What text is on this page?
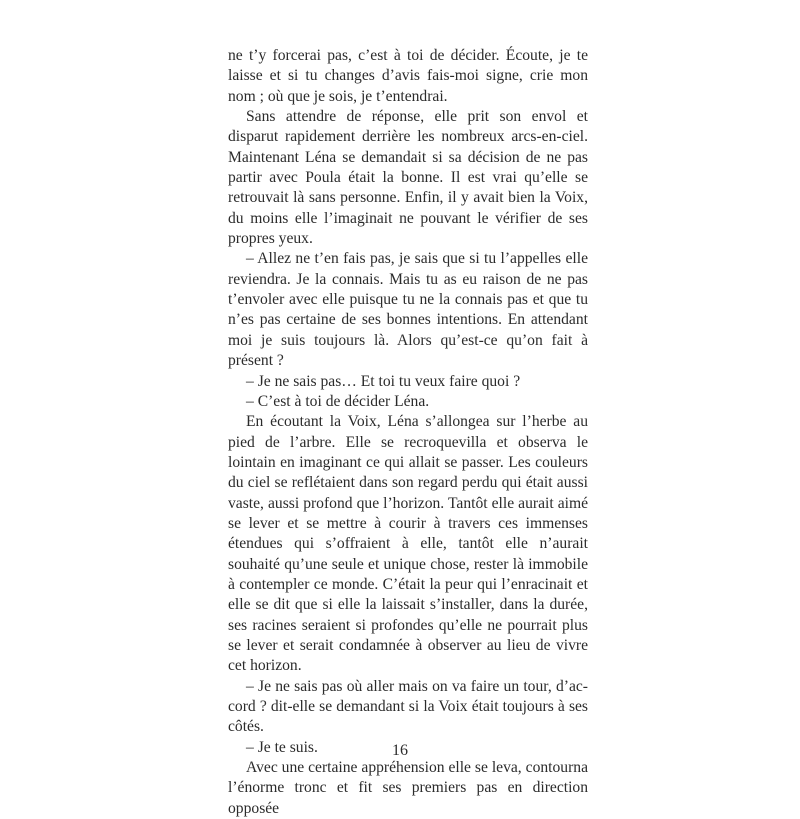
ne t’y forcerai pas, c’est à toi de décider. Écoute, je te laisse et si tu changes d’avis fais-moi signe, crie mon nom ; où que je sois, je t’entendrai.

Sans attendre de réponse, elle prit son envol et disparut rapidement derrière les nombreux arcs-en-ciel. Maintenant Léna se demandait si sa décision de ne pas partir avec Poula était la bonne. Il est vrai qu’elle se retrouvait là sans personne. Enfin, il y avait bien la Voix, du moins elle l’imaginait ne pouvant le vérifier de ses propres yeux.

– Allez ne t’en fais pas, je sais que si tu l’appelles elle reviendra. Je la connais. Mais tu as eu raison de ne pas t’envoler avec elle puisque tu ne la connais pas et que tu n’es pas certaine de ses bonnes intentions. En attendant moi je suis toujours là. Alors qu’est-ce qu’on fait à présent ?

– Je ne sais pas… Et toi tu veux faire quoi ?

– C’est à toi de décider Léna.

En écoutant la Voix, Léna s’allongea sur l’herbe au pied de l’arbre. Elle se recroquevilla et observa le lointain en imaginant ce qui allait se passer. Les couleurs du ciel se reflétaient dans son regard perdu qui était aussi vaste, aussi profond que l’horizon. Tantôt elle aurait aimé se lever et se mettre à courir à travers ces immenses étendues qui s’offraient à elle, tantôt elle n’aurait souhaité qu’une seule et unique chose, rester là immobile à contempler ce monde. C’était la peur qui l’enracinait et elle se dit que si elle la laissait s’installer, dans la durée, ses racines seraient si profondes qu’elle ne pourrait plus se lever et serait condamnée à observer au lieu de vivre cet horizon.

– Je ne sais pas où aller mais on va faire un tour, d’accord ? dit-elle se demandant si la Voix était toujours à ses côtés.

– Je te suis.

Avec une certaine appréhension elle se leva, contourna l’énorme tronc et fit ses premiers pas en direction opposée

16
